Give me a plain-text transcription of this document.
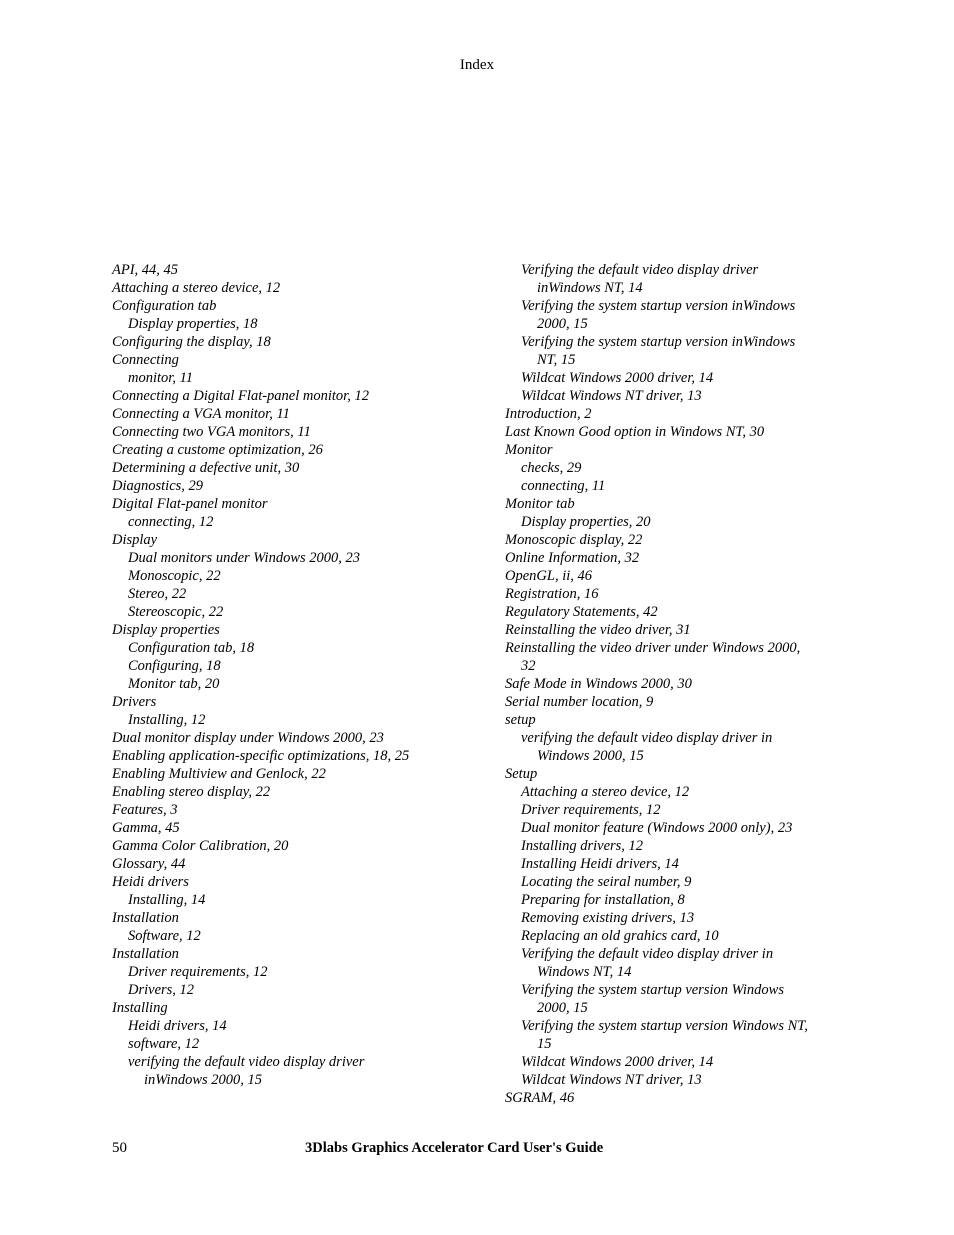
Index
API, 44, 45
Attaching a stereo device, 12
Configuration tab
Display properties, 18
Configuring the display, 18
Connecting
monitor, 11
Connecting a Digital Flat-panel monitor, 12
Connecting a VGA monitor, 11
Connecting two VGA monitors, 11
Creating a custome optimization, 26
Determining a defective unit, 30
Diagnostics, 29
Digital Flat-panel monitor
connecting, 12
Display
Dual monitors under Windows 2000, 23
Monoscopic, 22
Stereo, 22
Stereoscopic, 22
Display properties
Configuration tab, 18
Configuring, 18
Monitor tab, 20
Drivers
Installing, 12
Dual monitor display under Windows 2000, 23
Enabling application-specific optimizations, 18, 25
Enabling Multiview and Genlock, 22
Enabling stereo display, 22
Features, 3
Gamma, 45
Gamma Color Calibration, 20
Glossary, 44
Heidi drivers
Installing, 14
Installation
Software, 12
Installation
Driver requirements, 12
Drivers, 12
Installing
Heidi drivers, 14
software, 12
verifying the default video display driver
inWindows 2000, 15
Verifying the default video display driver
inWindows NT, 14
Verifying the system startup version inWindows
2000, 15
Verifying the system startup version inWindows
NT, 15
Wildcat Windows 2000 driver, 14
Wildcat Windows NT driver, 13
Introduction, 2
Last Known Good option in Windows NT, 30
Monitor
checks, 29
connecting, 11
Monitor tab
Display properties, 20
Monoscopic display, 22
Online Information, 32
OpenGL, ii, 46
Registration, 16
Regulatory Statements, 42
Reinstalling the video driver, 31
Reinstalling the video driver under Windows 2000,
32
Safe Mode in Windows 2000, 30
Serial number location, 9
setup
verifying the default video display driver in
Windows 2000, 15
Setup
Attaching a stereo device, 12
Driver requirements, 12
Dual monitor feature (Windows 2000 only), 23
Installing drivers, 12
Installing Heidi drivers, 14
Locating the seiral number, 9
Preparing for installation, 8
Removing existing drivers, 13
Replacing an old grahics card, 10
Verifying the default video display driver in
Windows NT, 14
Verifying the system startup version Windows
2000, 15
Verifying the system startup version Windows NT,
15
Wildcat Windows 2000 driver, 14
Wildcat Windows NT driver, 13
SGRAM, 46
50	3Dlabs Graphics Accelerator Card User's Guide
